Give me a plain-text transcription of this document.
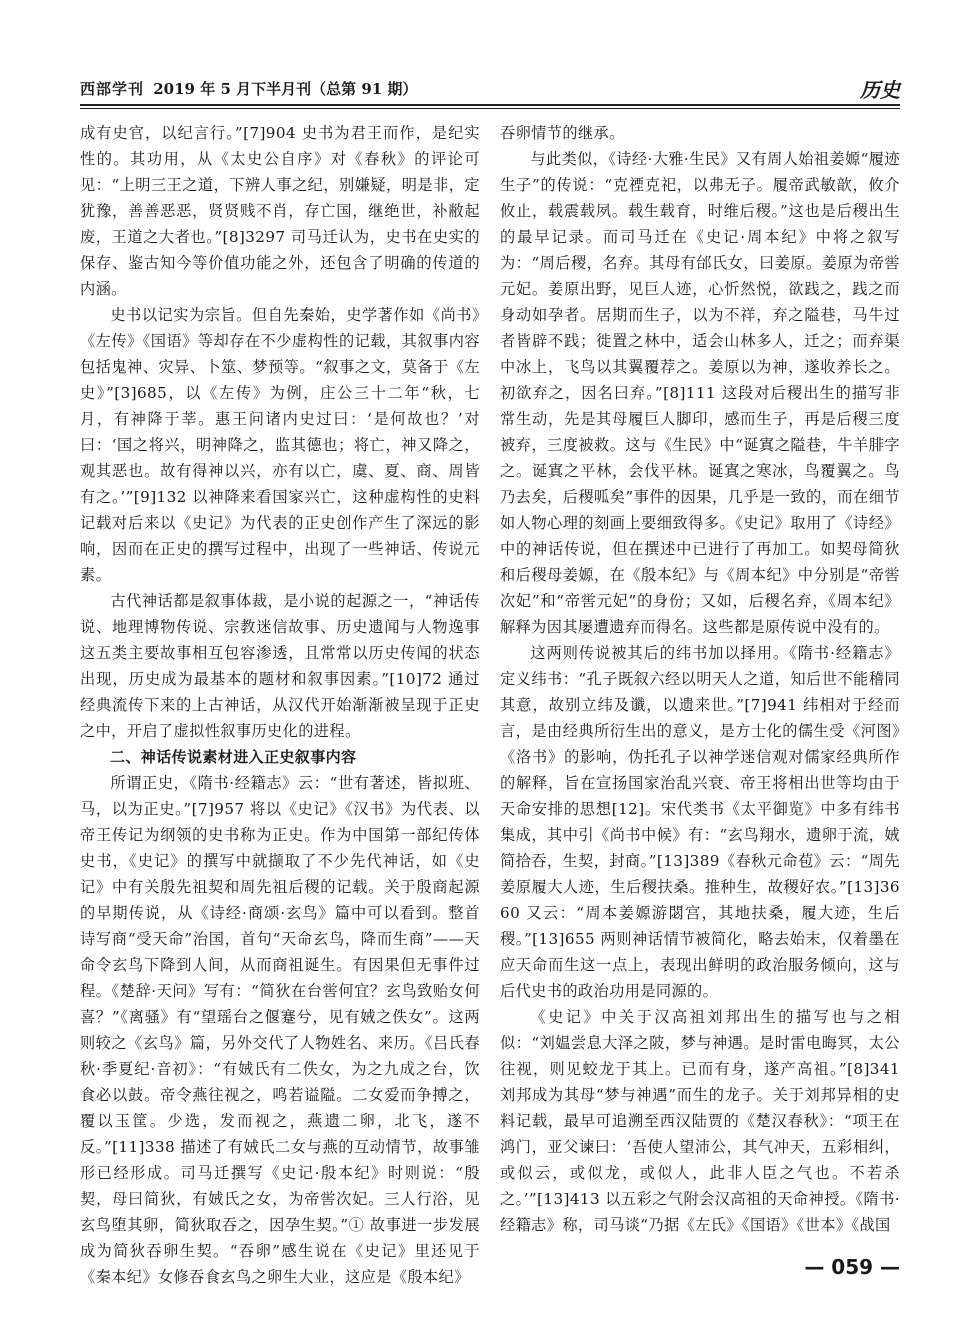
西部学刊 2019 年 5 月下半月刊（总第 91 期）	历史

成有史官，以纪言行。”[7]904 史书为君王而作，是纪实性的。其功用，从《太史公自序》对《春秋》的评论可见：“上明三王之道，下辨人事之纪，别嫌疑，明是非，定犹豫，善善恶恶，贤贤贱不肖，存亡国，继绝世，补敝起废，王道之大者也。”[8]3297 司马迁认为，史书在史实的保存、鉴古知今等价值功能之外，还包含了明确的传道的内涵。

史书以记实为宗旨。但自先秦始，史学著作如《尚书》《左传》《国语》等却存在不少虚构性的记载，其叙事内容包括鬼神、灾异、卜筮、梦预等。“叙事之文，莫备于《左史》”[3]685，以《左传》为例，庄公三十二年“秋，七月，有神降于莘。惠王问诸内史过曰：‘是何故也？’对曰：‘国之将兴，明神降之，监其德也；将亡，神又降之，观其恶也。故有得神以兴，亦有以亡，虞、夏、商、周皆有之。’”[9]132 以神降来看国家兴亡，这种虚构性的史料记载对后来以《史记》为代表的正史创作产生了深远的影响，因而在正史的撰写过程中，出现了一些神话、传说元素。

古代神话都是叙事体裁，是小说的起源之一，“神话传说、地理博物传说、宗教迷信故事、历史遗闻与人物逸事这五类主要故事相互包容渗透，且常常以历史传闻的状态出现，历史成为最基本的题材和叙事因素。”[10]72 通过经典流传下来的上古神话，从汉代开始渐渐被呈现于正史之中，开启了虚拟性叙事历史化的进程。

二、神话传说素材进入正史叙事内容

所谓正史，《隋书·经籍志》云：“世有著述，皆拟班、马，以为正史。”[7]957 将以《史记》《汉书》为代表、以帝王传记为纲领的史书称为正史。作为中国第一部纪传体史书，《史记》的撰写中就撷取了不少先代神话，如《史记》中有关殷先祖契和周先祖后稷的记载。关于殷商起源的早期传说，从《诗经·商颂·玄鸟》篇中可以看到。整首诗写商“受天命”治国，首句“天命玄鸟，降而生商”——天命令玄鸟下降到人间，从而商祖诞生。有因果但无事件过程。《楚辞·天问》写有：“简狄在台喾何宜？玄鸟致贻女何喜？”《离骚》有“望瑶台之偃蹇兮，见有娀之佚女”。这两则较之《玄鸟》篇，另外交代了人物姓名、来历。《吕氏春秋·季夏纪·音初》：“有娀氏有二佚女，为之九成之台，饮食必以鼓。帝令燕往视之，鸣若谥隘。二女爱而争搏之，覆以玉筐。少选，发而视之，燕遗二卵，北飞，遂不反。”[11]338 描述了有娀氏二女与燕的互动情节，故事雏形已经形成。司马迁撰写《史记·殷本纪》时则说：“殷契，母曰简狄，有娀氏之女，为帝喾次妃。三人行浴，见玄鸟堕其卵，简狄取吞之，因孕生契。”① 故事进一步发展成为简狄吞卵生契。“吞卵”感生说在《史记》里还见于《秦本纪》女修吞食玄鸟之卵生大业，这应是《殷本纪》

吞卵情节的继承。

与此类似，《诗经·大雅·生民》又有周人始祖姜嫄“履迹生子”的传说：“克禋克祀，以弗无子。履帝武敏歆，攸介攸止，载震载夙。载生载育，时维后稷。”这也是后稷出生的最早记录。而司马迁在《史记·周本纪》中将之叙写为：“周后稷，名弃。其母有邰氏女，曰姜原。姜原为帝喾元妃。姜原出野，见巨人迹，心忻然悦，欲践之，践之而身动如孕者。居期而生子，以为不祥，弃之隘巷，马牛过者皆辟不践；徙置之林中，适会山林多人，迁之；而弃渠中冰上，飞鸟以其翼覆荐之。姜原以为神，遂收养长之。初欲弃之，因名曰弃。”[8]111 这段对后稷出生的描写非常生动，先是其母履巨人脚印，感而生子，再是后稷三度被弃，三度被救。这与《生民》中“诞寘之隘巷，牛羊腓字之。诞寘之平林，会伐平林。诞寘之寒冰，鸟覆翼之。鸟乃去矣，后稷呱矣”事件的因果，几乎是一致的，而在细节如人物心理的刻画上要细致得多。《史记》取用了《诗经》中的神话传说，但在撰述中已进行了再加工。如契母简狄和后稷母姜嫄，在《殷本纪》与《周本纪》中分别是“帝喾次妃”和“帝喾元妃”的身份；又如，后稷名弃，《周本纪》解释为因其屡遭遗弃而得名。这些都是原传说中没有的。

这两则传说被其后的纬书加以择用。《隋书·经籍志》定义纬书：“孔子既叙六经以明天人之道，知后世不能稽同其意，故别立纬及谶，以遗来世。”[7]941 纬相对于经而言，是由经典所衍生出的意义，是方士化的儒生受《河图》《洛书》的影响，伪托孔子以神学迷信观对儒家经典所作的解释，旨在宣扬国家治乱兴衰、帝王将相出世等均由于天命安排的思想[12]。宋代类书《太平御览》中多有纬书集成，其中引《尚书中候》有：“玄鸟翔水，遗卵于流，娀简拾吞，生契，封商。”[13]389《春秋元命苞》云：“周先姜原履大人迹，生后稷扶桑。推种生，故稷好农。”[13]3660 又云：“周本姜嫄游閟宫，其地扶桑，履大迹，生后稷。”[13]655 两则神话情节被简化，略去始末，仅着墨在应天命而生这一点上，表现出鲜明的政治服务倾向，这与后代史书的政治功用是同源的。

《史记》中关于汉高祖刘邦出生的描写也与之相似：“刘媪尝息大泽之陂，梦与神遇。是时雷电晦冥，太公往视，则见蛟龙于其上。已而有身，遂产高祖。”[8]341 刘邦成为其母“梦与神遇”而生的龙子。关于刘邦异相的史料记载，最早可追溯至西汉陆贾的《楚汉春秋》：“项王在鸿门，亚父谏曰：‘吾使人望沛公，其气冲天，五彩相纠，或似云，或似龙，或似人，此非人臣之气也。不若杀之。’”[13]413 以五彩之气附会汉高祖的天命神授。《隋书·经籍志》称，司马谈“乃据《左氏》《国语》《世本》《战国

— 059 —
